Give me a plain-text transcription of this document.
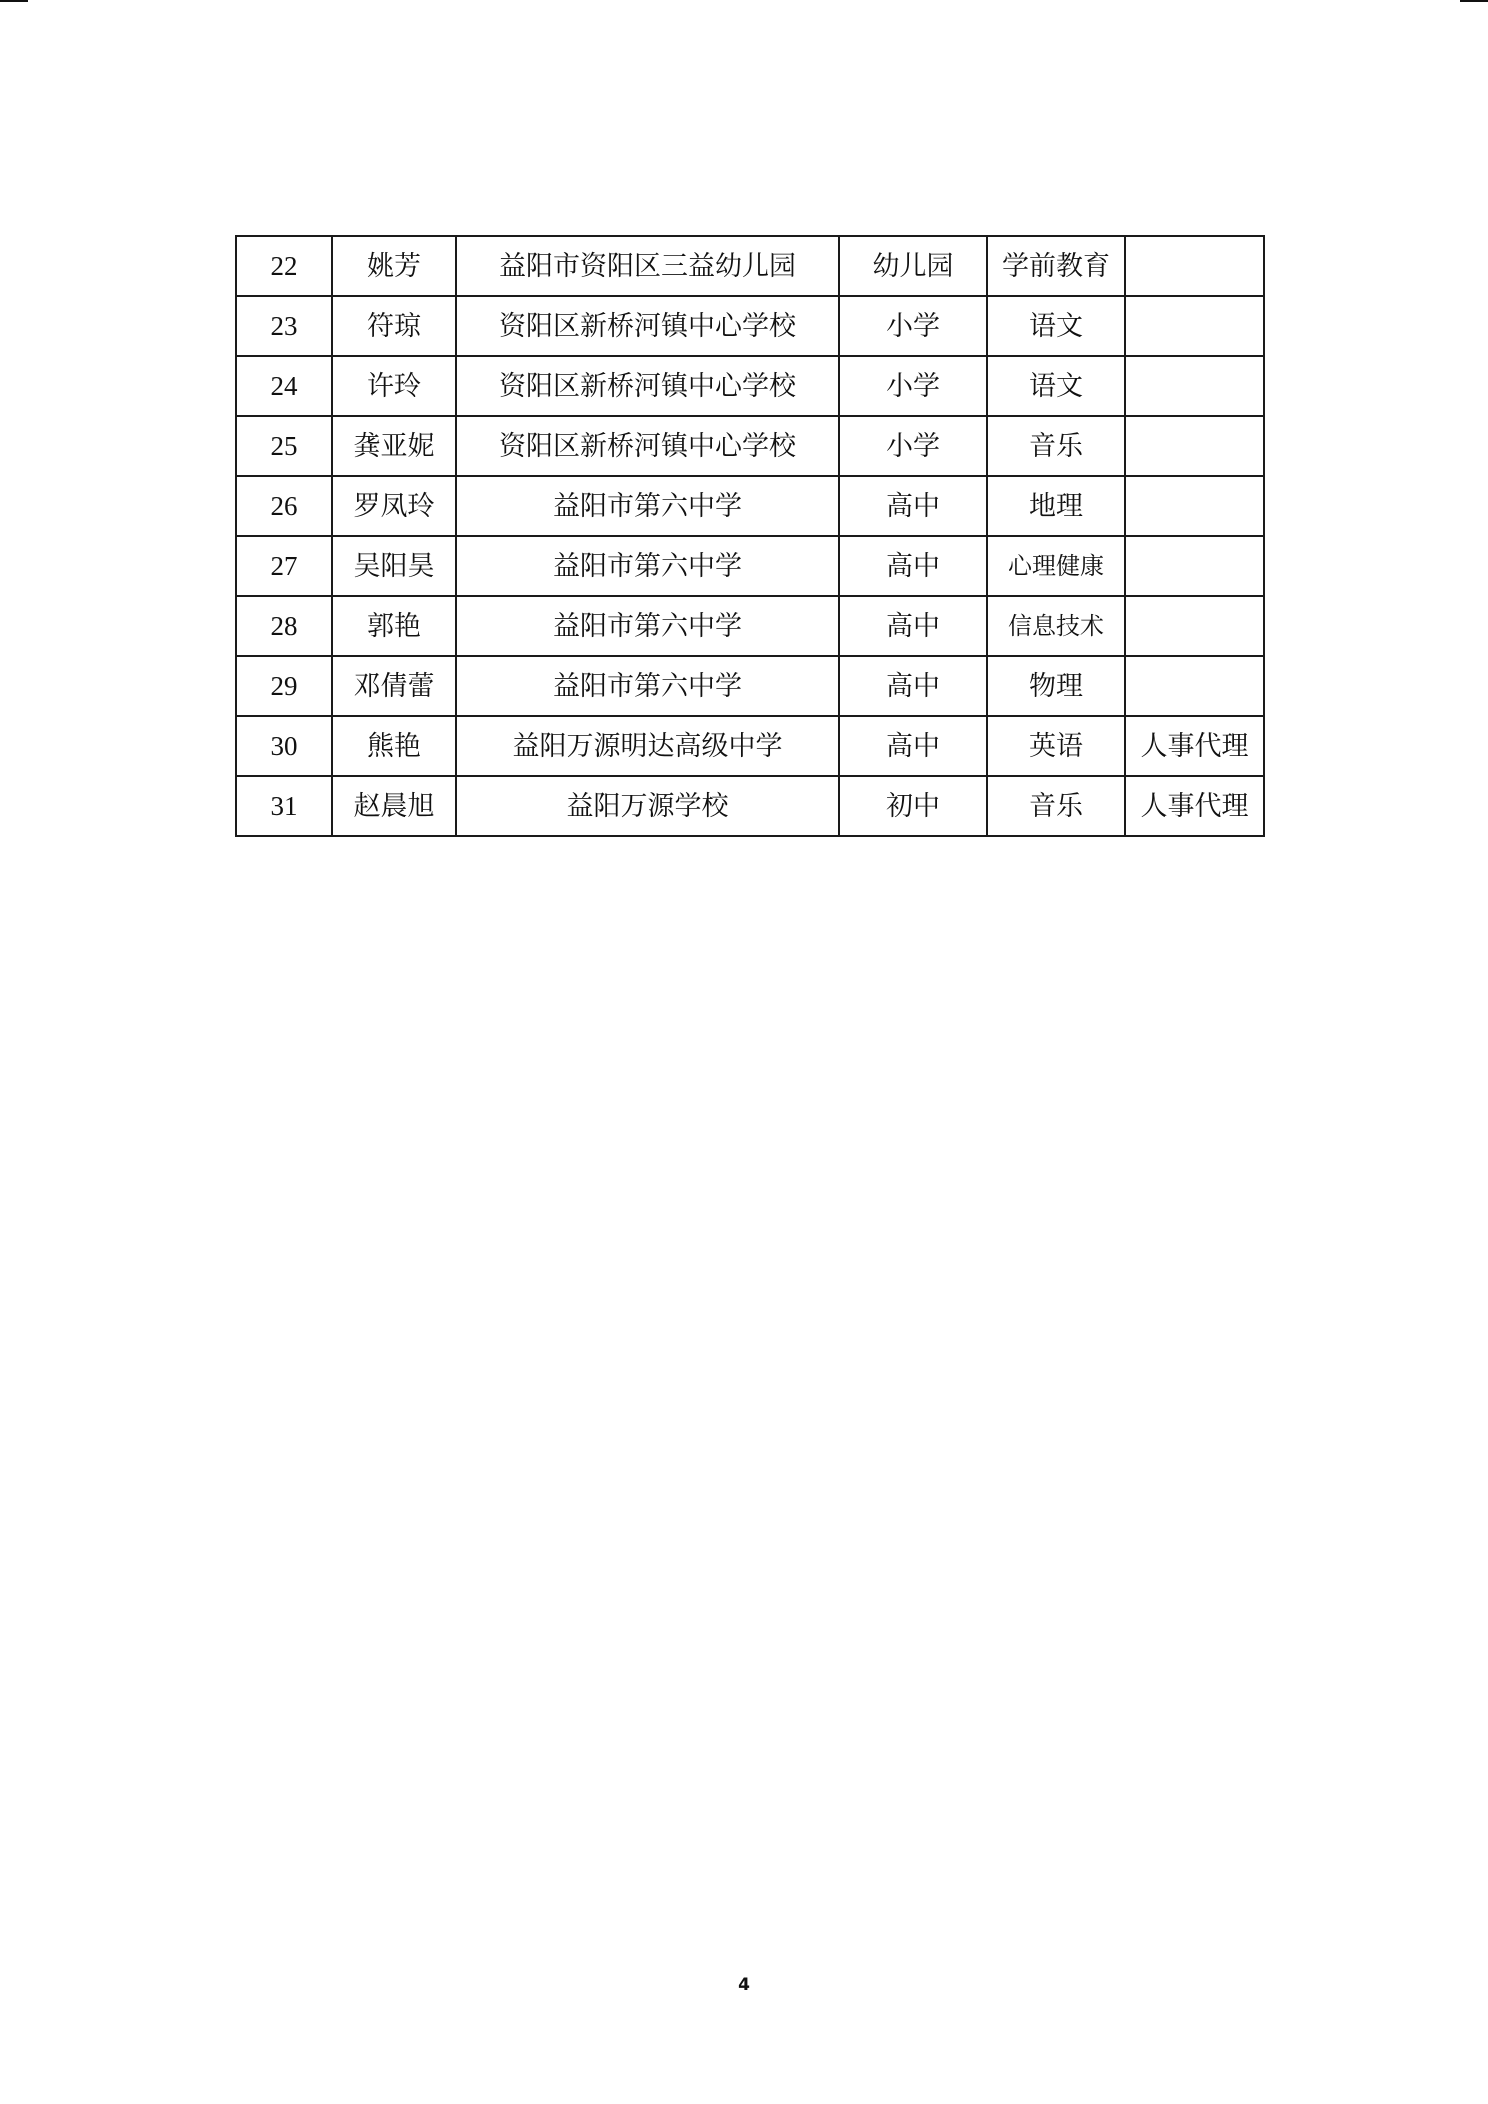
22	姚芳	益阳市资阳区三益幼儿园	幼儿园	学前教育	
23	符琼	资阳区新桥河镇中心学校	小学	语文	
24	许玲	资阳区新桥河镇中心学校	小学	语文	
25	龚亚妮	资阳区新桥河镇中心学校	小学	音乐	
26	罗凤玲	益阳市第六中学	高中	地理	
27	吴阳昊	益阳市第六中学	高中	心理健康	
28	郭艳	益阳市第六中学	高中	信息技术	
29	邓倩蕾	益阳市第六中学	高中	物理	
30	熊艳	益阳万源明达高级中学	高中	英语	人事代理
31	赵晨旭	益阳万源学校	初中	音乐	人事代理
4
